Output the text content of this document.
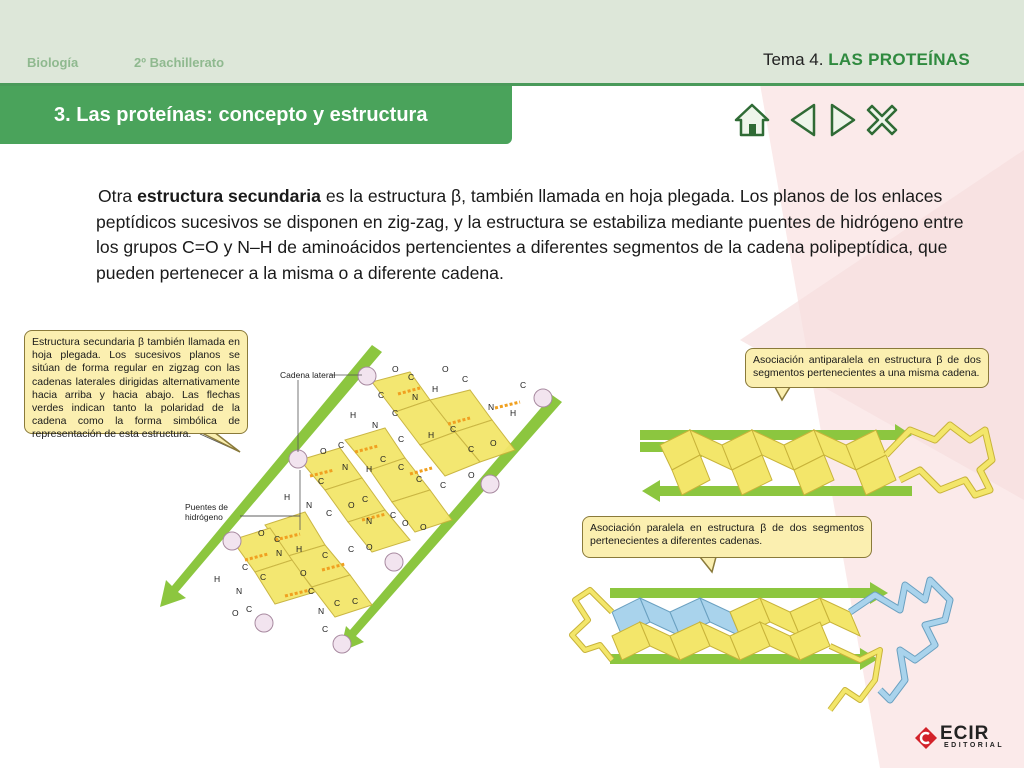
Biología	2º Bachillerato	Tema 4. LAS PROTEÍNAS
3. Las proteínas: concepto y estructura
Otra estructura secundaria es la estructura β, también llamada en hoja plegada. Los planos de los enlaces peptídicos sucesivos se disponen en zig-zag, y la estructura se estabiliza mediante puentes de hidrógeno entre los grupos C=O y N–H de aminoácidos pertencientes a diferentes segmentos de la cadena polipeptídica, que pueden pertenecer a la misma o a diferente cadena.
O
C
N
H
O
C
N
H
C
C
C
N
H
C	H
C
C
O
O
C
N H
C
C
C
C
O
C
N
H
C
O
N
C
C
O O
O
C
N H
C
C O
C
C
H
N
C
O
O
C
N
C C
C
Estructura secundaria β también llamada en hoja plegada. Los sucesivos planos se sitúan de forma regular en zigzag con las cadenas laterales dirigidas alternativamente hacia arriba y hacia abajo. Las flechas verdes indican tanto la polaridad de la cadena como la forma simbólica de representación de esta estructura.
Cadena lateral
Puentes de hidrógeno
Asociación antiparalela en estructura β de dos segmentos pertenecientes a una misma cadena.
Asociación paralela en estructura β de dos segmentos pertenecientes a diferentes cadenas.
ECIR
EDITORIAL
